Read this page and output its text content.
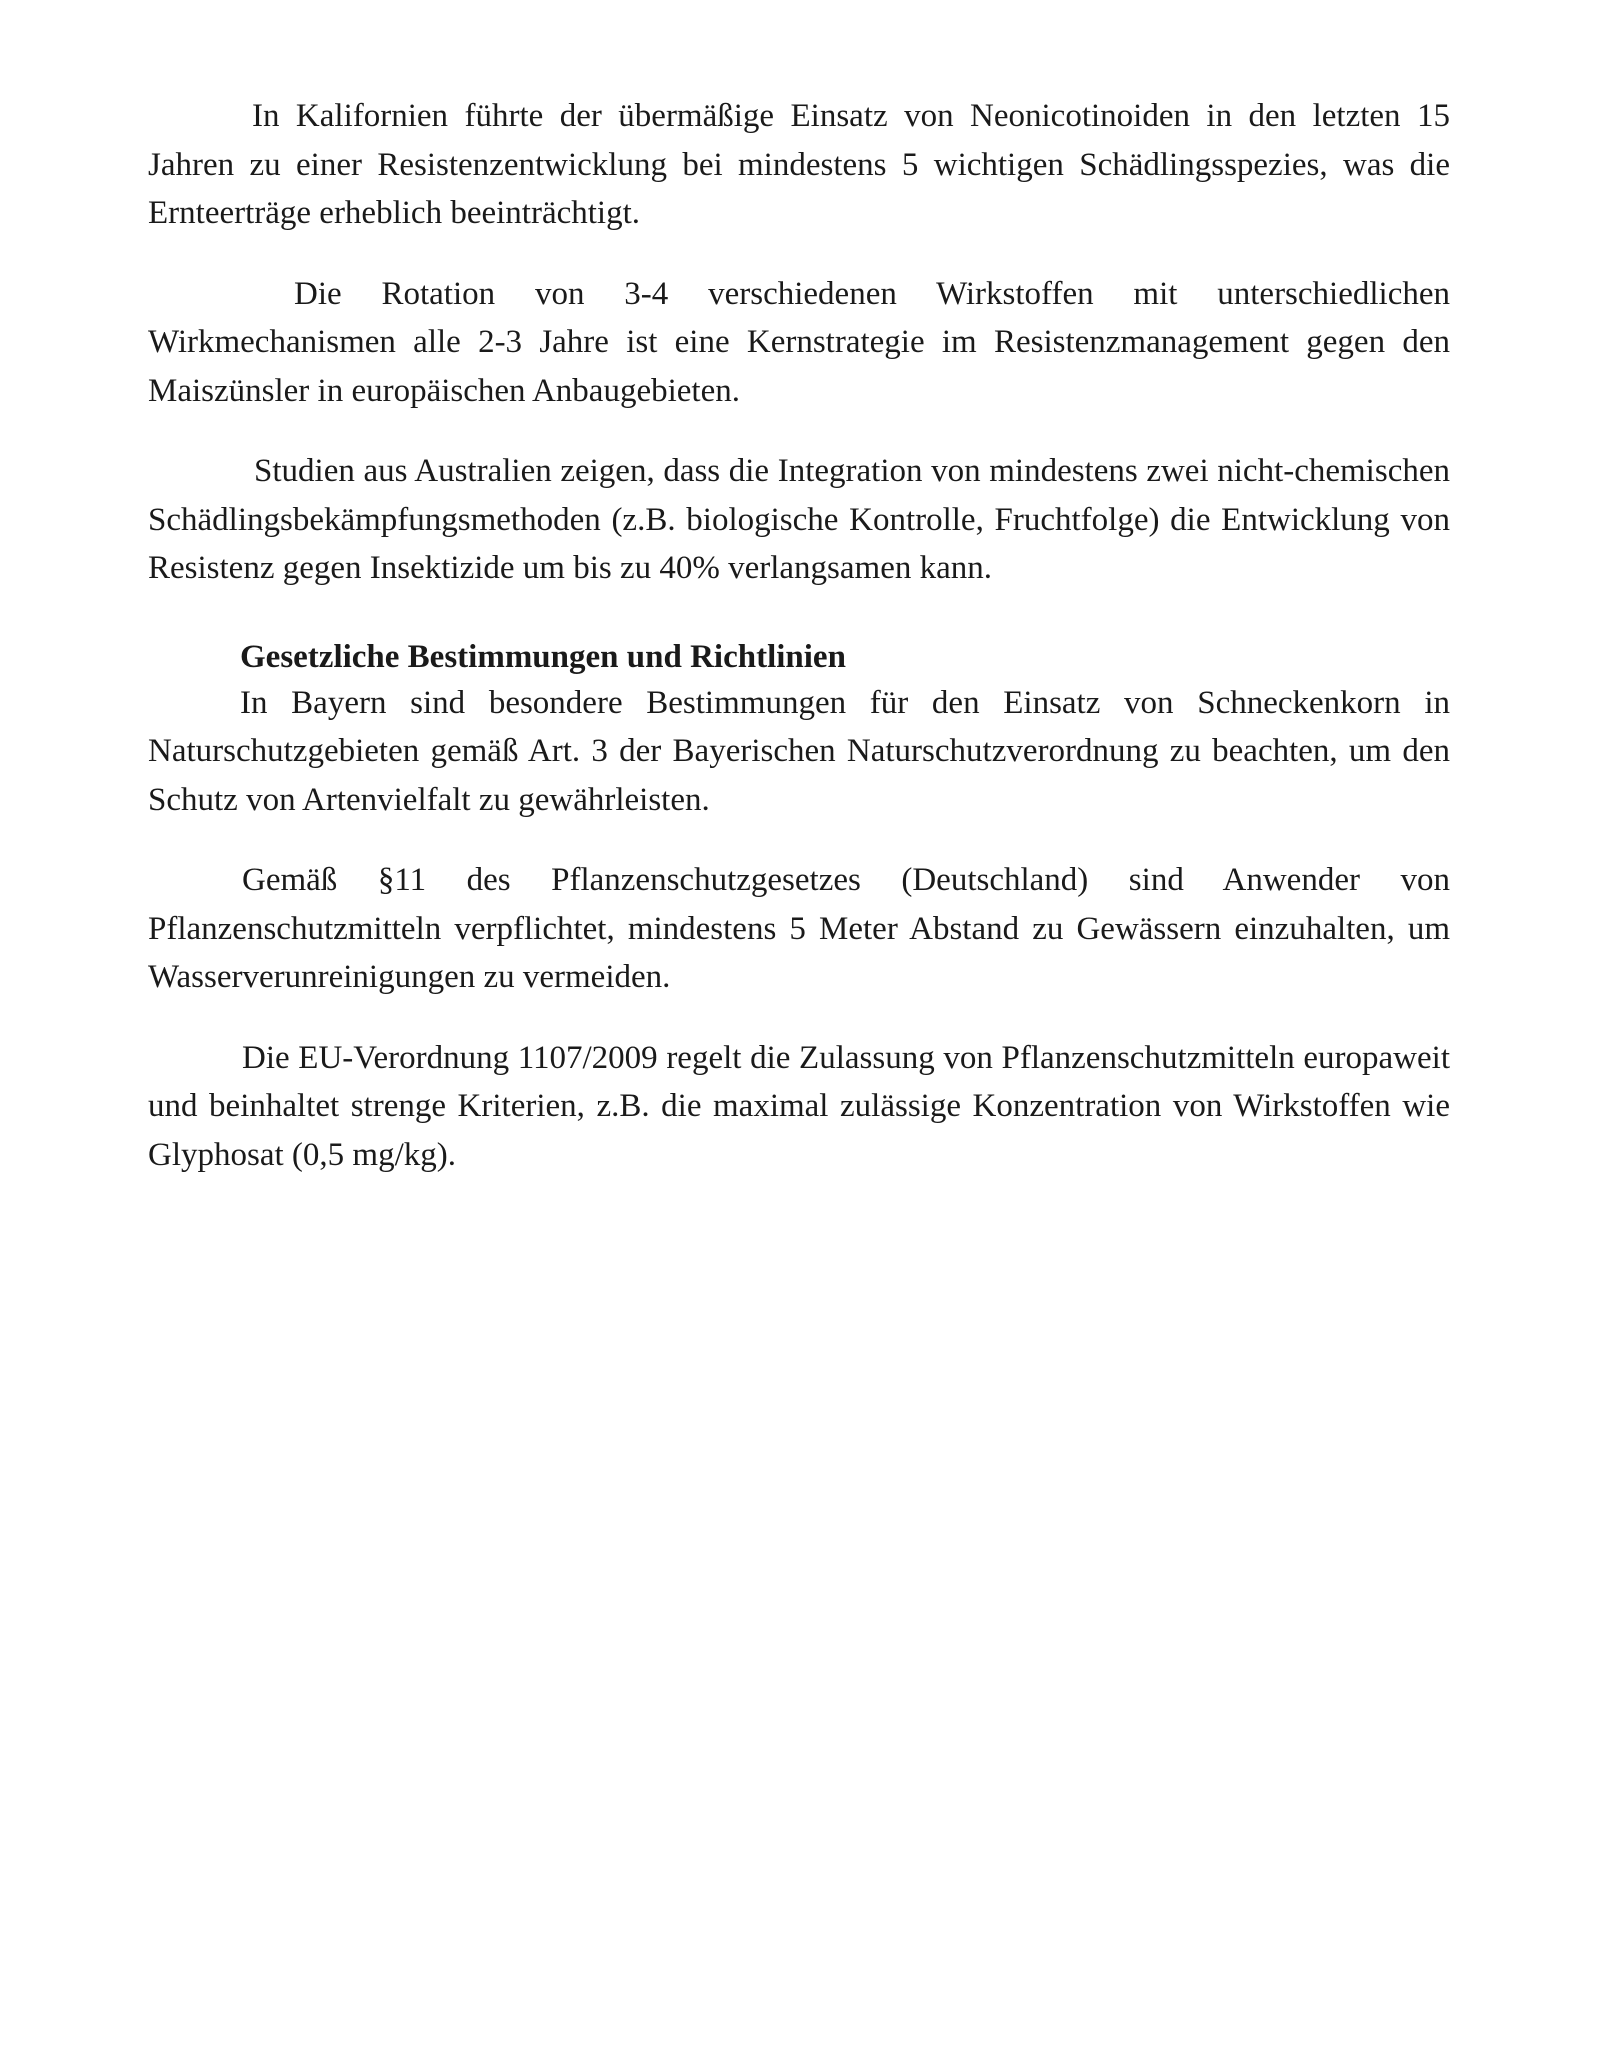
In Kalifornien führte der übermäßige Einsatz von Neonicotinoiden in den letzten 15 Jahren zu einer Resistenzentwicklung bei mindestens 5 wichtigen Schädlingsspezies, was die Ernteerträge erheblich beeinträchtigt.

Die Rotation von 3-4 verschiedenen Wirkstoffen mit unterschiedlichen Wirkmechanismen alle 2-3 Jahre ist eine Kernstrategie im Resistenzmanagement gegen den Maiszünsler in europäischen Anbaugebieten.

Studien aus Australien zeigen, dass die Integration von mindestens zwei nicht-chemischen Schädlingsbekämpfungsmethoden (z.B. biologische Kontrolle, Fruchtfolge) die Entwicklung von Resistenz gegen Insektizide um bis zu 40% verlangsamen kann.

Gesetzliche Bestimmungen und Richtlinien

In Bayern sind besondere Bestimmungen für den Einsatz von Schneckenkorn in Naturschutzgebieten gemäß Art. 3 der Bayerischen Naturschutzverordnung zu beachten, um den Schutz von Artenvielfalt zu gewährleisten.

Gemäß §11 des Pflanzenschutzgesetzes (Deutschland) sind Anwender von Pflanzenschutzmitteln verpflichtet, mindestens 5 Meter Abstand zu Gewässern einzuhalten, um Wasserverunreinigungen zu vermeiden.

Die EU-Verordnung 1107/2009 regelt die Zulassung von Pflanzenschutzmitteln europaweit und beinhaltet strenge Kriterien, z.B. die maximal zulässige Konzentration von Wirkstoffen wie Glyphosat (0,5 mg/kg).
